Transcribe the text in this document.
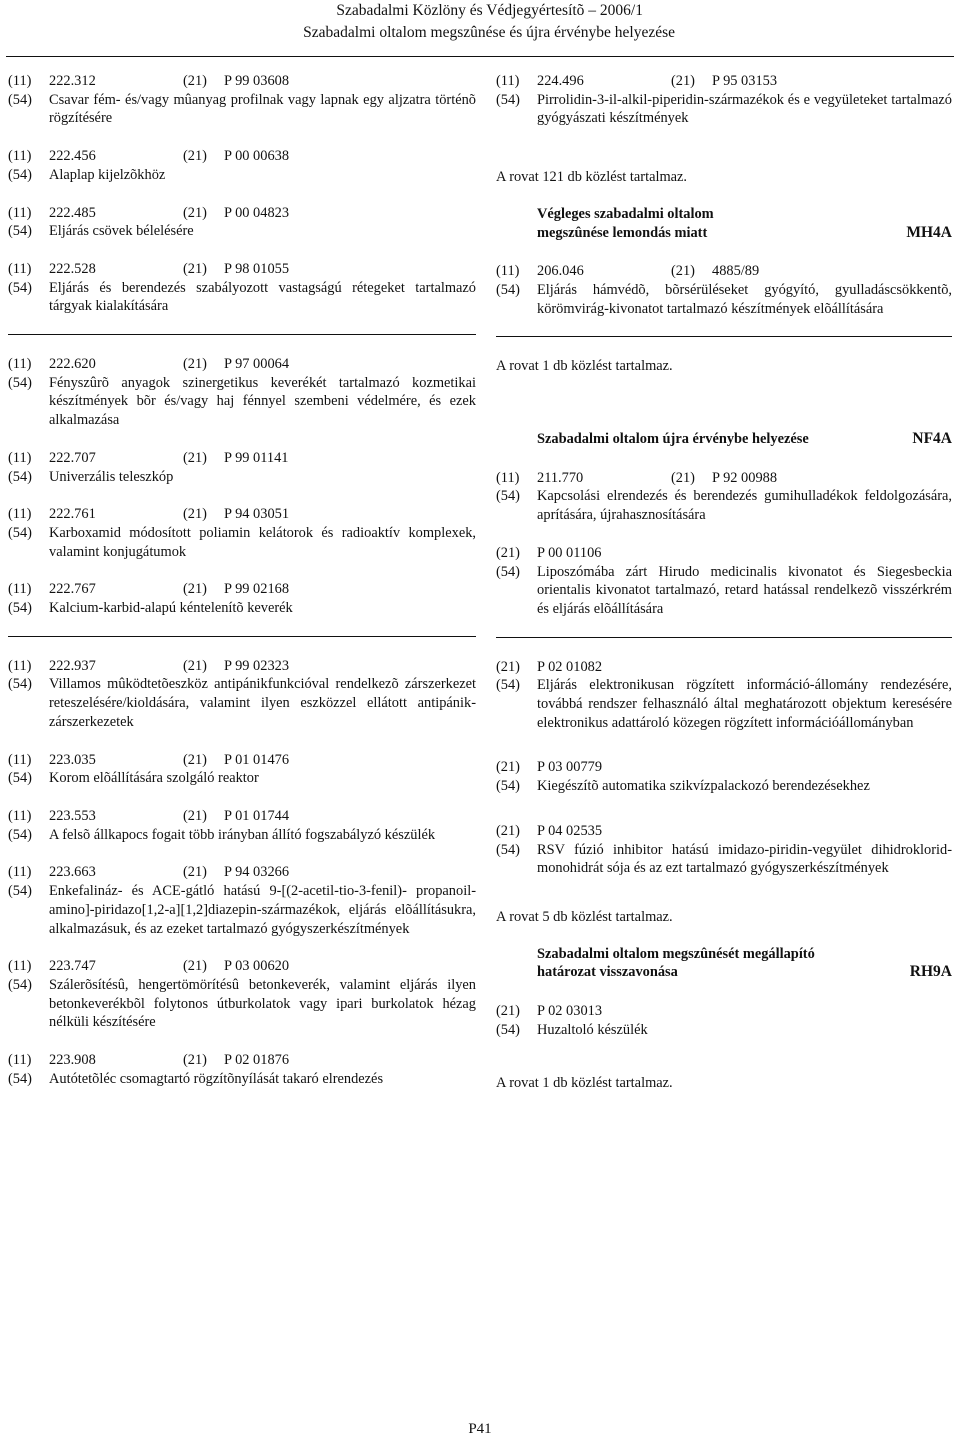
Szabadalmi Közlöny és Védjegyértesítõ – 2006/1
Szabadalmi oltalom megszûnése és újra érvénybe helyezése
(11)	222.312	(21)	P 99 03608
(54)	Csavar fém- és/vagy mûanyag profilnak vagy lapnak egy aljzatra történõ rögzítésére
(11)	222.456	(21)	P 00 00638
(54)	Alaplap kijelzõkhöz
(11)	222.485	(21)	P 00 04823
(54)	Eljárás csövek bélelésére
(11)	222.528	(21)	P 98 01055
(54)	Eljárás és berendezés szabályozott vastagságú rétegeket tartalmazó tárgyak kialakítására
(11)	222.620	(21)	P 97 00064
(54)	Fényszûrõ anyagok szinergetikus keverékét tartalmazó kozmetikai készítmények bõr és/vagy haj fénnyel szembeni védelmére, és ezek alkalmazása
(11)	222.707	(21)	P 99 01141
(54)	Univerzális teleszkóp
(11)	222.761	(21)	P 94 03051
(54)	Karboxamid módosított poliamin kelátorok és radioaktív komplexek, valamint konjugátumok
(11)	222.767	(21)	P 99 02168
(54)	Kalcium-karbid-alapú kéntelenítõ keverék
(11)	222.937	(21)	P 99 02323
(54)	Villamos mûködtetõeszköz antipánikfunkcióval rendelkezõ zárszerkezet reteszelésére/kioldására, valamint ilyen eszközzel ellátott antipánik-zárszerkezetek
(11)	223.035	(21)	P 01 01476
(54)	Korom elõállítására szolgáló reaktor
(11)	223.553	(21)	P 01 01744
(54)	A felsõ állkapocs fogait több irányban állító fogszabályzó készülék
(11)	223.663	(21)	P 94 03266
(54)	Enkefalináz- és ACE-gátló hatású 9-[(2-acetil-tio-3-fenil)- propanoil-amino]-piridazo[1,2-a][1,2]diazepin-származékok, eljárás elõállításukra, alkalmazásuk, és az ezeket tartalmazó gyógyszerkészítmények
(11)	223.747	(21)	P 03 00620
(54)	Szálerõsítésû, hengertömörítésû betonkeverék, valamint eljárás ilyen betonkeverékbõl folytonos útburkolatok vagy ipari burkolatok hézag nélküli készítésére
(11)	223.908	(21)	P 02 01876
(54)	Autótetõléc csomagtartó rögzítõnyílását takaró elrendezés
(11)	224.496	(21)	P 95 03153
(54)	Pirrolidin-3-il-alkil-piperidin-származékok és e vegyületeket tartalmazó gyógyászati készítmények
A rovat 121 db közlést tartalmaz.
Végleges szabadalmi oltalom
megszûnése lemondás miatt	MH4A
(11)	206.046	(21)	4885/89
(54)	Eljárás hámvédõ, bõrsérüléseket gyógyító, gyulladáscsökkentõ, körömvirág-kivonatot tartalmazó készítmények elõállítására
A rovat 1 db közlést tartalmaz.
Szabadalmi oltalom újra érvénybe helyezése	NF4A
(11)	211.770	(21)	P 92 00988
(54)	Kapcsolási elrendezés és berendezés gumihulladékok feldolgozására, aprítására, újrahasznosítására
(21)	P 00 01106
(54)	Liposzómába zárt Hirudo medicinalis kivonatot és Siegesbeckia orientalis kivonatot tartalmazó, retard hatással rendelkezõ visszérkrém és eljárás elõállítására
(21)	P 02 01082
(54)	Eljárás elektronikusan rögzített információ-állomány rendezésére, továbbá rendszer felhasználó által meghatározott objektum keresésére elektronikus adattároló közegen rögzített információállományban
(21)	P 03 00779
(54)	Kiegészítõ automatika szikvízpalackozó berendezésekhez
(21)	P 04 02535
(54)	RSV fúzió inhibitor hatású imidazo-piridin-vegyület dihidroklorid-monohidrát sója és az ezt tartalmazó gyógyszerkészítmények
A rovat 5 db közlést tartalmaz.
Szabadalmi oltalom megszûnését megállapító
határozat visszavonása	RH9A
(21)	P 02 03013
(54)	Huzaltoló készülék
A rovat 1 db közlést tartalmaz.
P41
